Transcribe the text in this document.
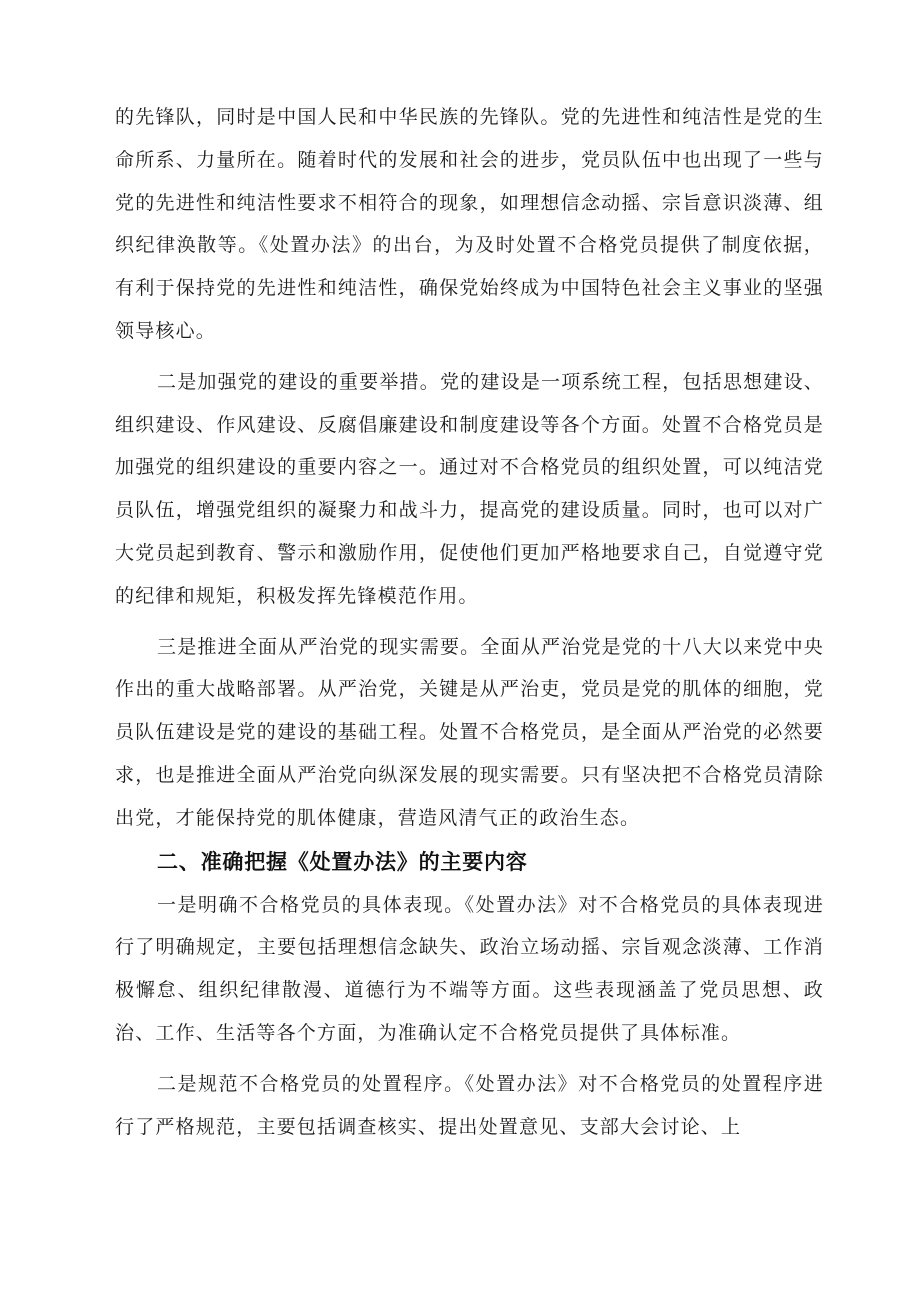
的先锋队，同时是中国人民和中华民族的先锋队。党的先进性和纯洁性是党的生命所系、力量所在。随着时代的发展和社会的进步，党员队伍中也出现了一些与党的先进性和纯洁性要求不相符合的现象，如理想信念动摇、宗旨意识淡薄、组织纪律涣散等。《处置办法》的出台，为及时处置不合格党员提供了制度依据，有利于保持党的先进性和纯洁性，确保党始终成为中国特色社会主义事业的坚强领导核心。

二是加强党的建设的重要举措。党的建设是一项系统工程，包括思想建设、组织建设、作风建设、反腐倡廉建设和制度建设等各个方面。处置不合格党员是加强党的组织建设的重要内容之一。通过对不合格党员的组织处置，可以纯洁党员队伍，增强党组织的凝聚力和战斗力，提高党的建设质量。同时，也可以对广大党员起到教育、警示和激励作用，促使他们更加严格地要求自己，自觉遵守党的纪律和规矩，积极发挥先锋模范作用。

三是推进全面从严治党的现实需要。全面从严治党是党的十八大以来党中央作出的重大战略部署。从严治党，关键是从严治吏，党员是党的肌体的细胞，党员队伍建设是党的建设的基础工程。处置不合格党员，是全面从严治党的必然要求，也是推进全面从严治党向纵深发展的现实需要。只有坚决把不合格党员清除出党，才能保持党的肌体健康，营造风清气正的政治生态。

二、准确把握《处置办法》的主要内容

一是明确不合格党员的具体表现。《处置办法》对不合格党员的具体表现进行了明确规定，主要包括理想信念缺失、政治立场动摇、宗旨观念淡薄、工作消极懈怠、组织纪律散漫、道德行为不端等方面。这些表现涵盖了党员思想、政治、工作、生活等各个方面，为准确认定不合格党员提供了具体标准。

二是规范不合格党员的处置程序。《处置办法》对不合格党员的处置程序进行了严格规范，主要包括调查核实、提出处置意见、支部大会讨论、上
